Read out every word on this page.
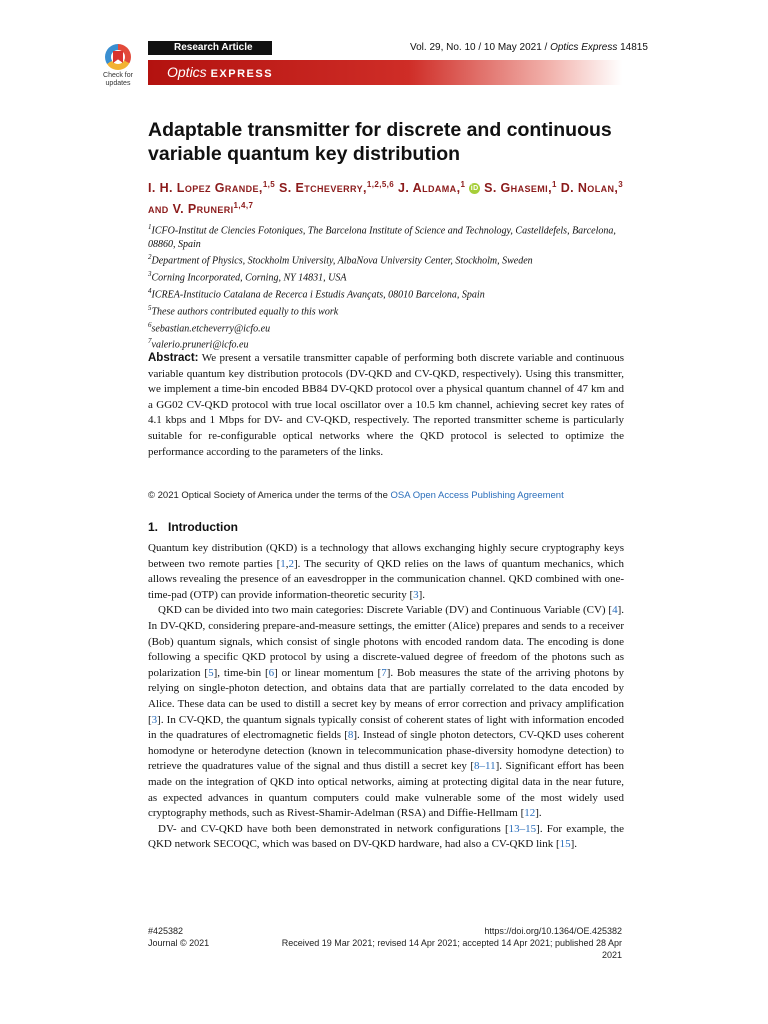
Check for
updates
Research Article	Vol. 29, No. 10 / 10 May 2021 / Optics Express 14815
Optics EXPRESS
Adaptable transmitter for discrete and continuous variable quantum key distribution
I. H. Lopez Grande,$^{1,5}$ S. Etcheverry,$^{1,2,5,6}$ J. Aldama,$^1$ iD S. Ghasemi,$^1$ D. Nolan,$^3$ and V. Pruneri$^{1,4,7}$
$^1$ICFO-Institut de Ciencies Fotoniques, The Barcelona Institute of Science and Technology, Castelldefels, Barcelona, 08860, Spain
$^2$Department of Physics, Stockholm University, AlbaNova University Center, Stockholm, Sweden
$^3$Corning Incorporated, Corning, NY 14831, USA
$^4$ICREA-Institucio Catalana de Recerca i Estudis Avançats, 08010 Barcelona, Spain
$^5$These authors contributed equally to this work
$^6$sebastian.etcheverry@icfo.eu
$^7$valerio.pruneri@icfo.eu
Abstract: We present a versatile transmitter capable of performing both discrete variable and continuous variable quantum key distribution protocols (DV-QKD and CV-QKD, respectively). Using this transmitter, we implement a time-bin encoded BB84 DV-QKD protocol over a physical quantum channel of 47 km and a GG02 CV-QKD protocol with true local oscillator over a 10.5 km channel, achieving secret key rates of 4.1 kbps and 1 Mbps for DV- and CV-QKD, respectively. The reported transmitter scheme is particularly suitable for re-configurable optical networks where the QKD protocol is selected to optimize the performance according to the parameters of the links.
© 2021 Optical Society of America under the terms of the OSA Open Access Publishing Agreement
1.   Introduction

Quantum key distribution (QKD) is a technology that allows exchanging highly secure cryptography keys between two remote parties [1,2]. The security of QKD relies on the laws of quantum mechanics, which allows revealing the presence of an eavesdropper in the communication channel. QKD combined with one-time-pad (OTP) can provide information-theoretic security [3].

QKD can be divided into two main categories: Discrete Variable (DV) and Continuous Variable (CV) [4]. In DV-QKD, considering prepare-and-measure settings, the emitter (Alice) prepares and sends to a receiver (Bob) quantum signals, which consist of single photons with encoded random data. The encoding is done following a specific QKD protocol by using a discrete-valued degree of freedom of the photons such as polarization [5], time-bin [6] or linear momentum [7]. Bob measures the state of the arriving photons by relying on single-photon detection, and obtains data that are partially correlated to the data encoded by Alice. These data can be used to distill a secret key by means of error correction and privacy amplification [3]. In CV-QKD, the quantum signals typically consist of coherent states of light with information encoded in the quadratures of electromagnetic fields [8]. Instead of single photon detectors, CV-QKD uses coherent homodyne or heterodyne detection (known in telecommunication phase-diversity homodyne detection) to retrieve the quadratures value of the signal and thus distill a secret key [8–11]. Significant effort has been made on the integration of QKD into optical networks, aiming at protecting digital data in the near future, as expected advances in quantum computers could make vulnerable some of the most widely used cryptography methods, such as Rivest-Shamir-Adelman (RSA) and Diffie-Hellmam [12].

DV- and CV-QKD have both been demonstrated in network configurations [13–15]. For example, the QKD network SECOQC, which was based on DV-QKD hardware, had also a CV-QKD link [15].

#425382
Journal © 2021
https://doi.org/10.1364/OE.425382
Received 19 Mar 2021; revised 14 Apr 2021; accepted 14 Apr 2021; published 28 Apr 2021
